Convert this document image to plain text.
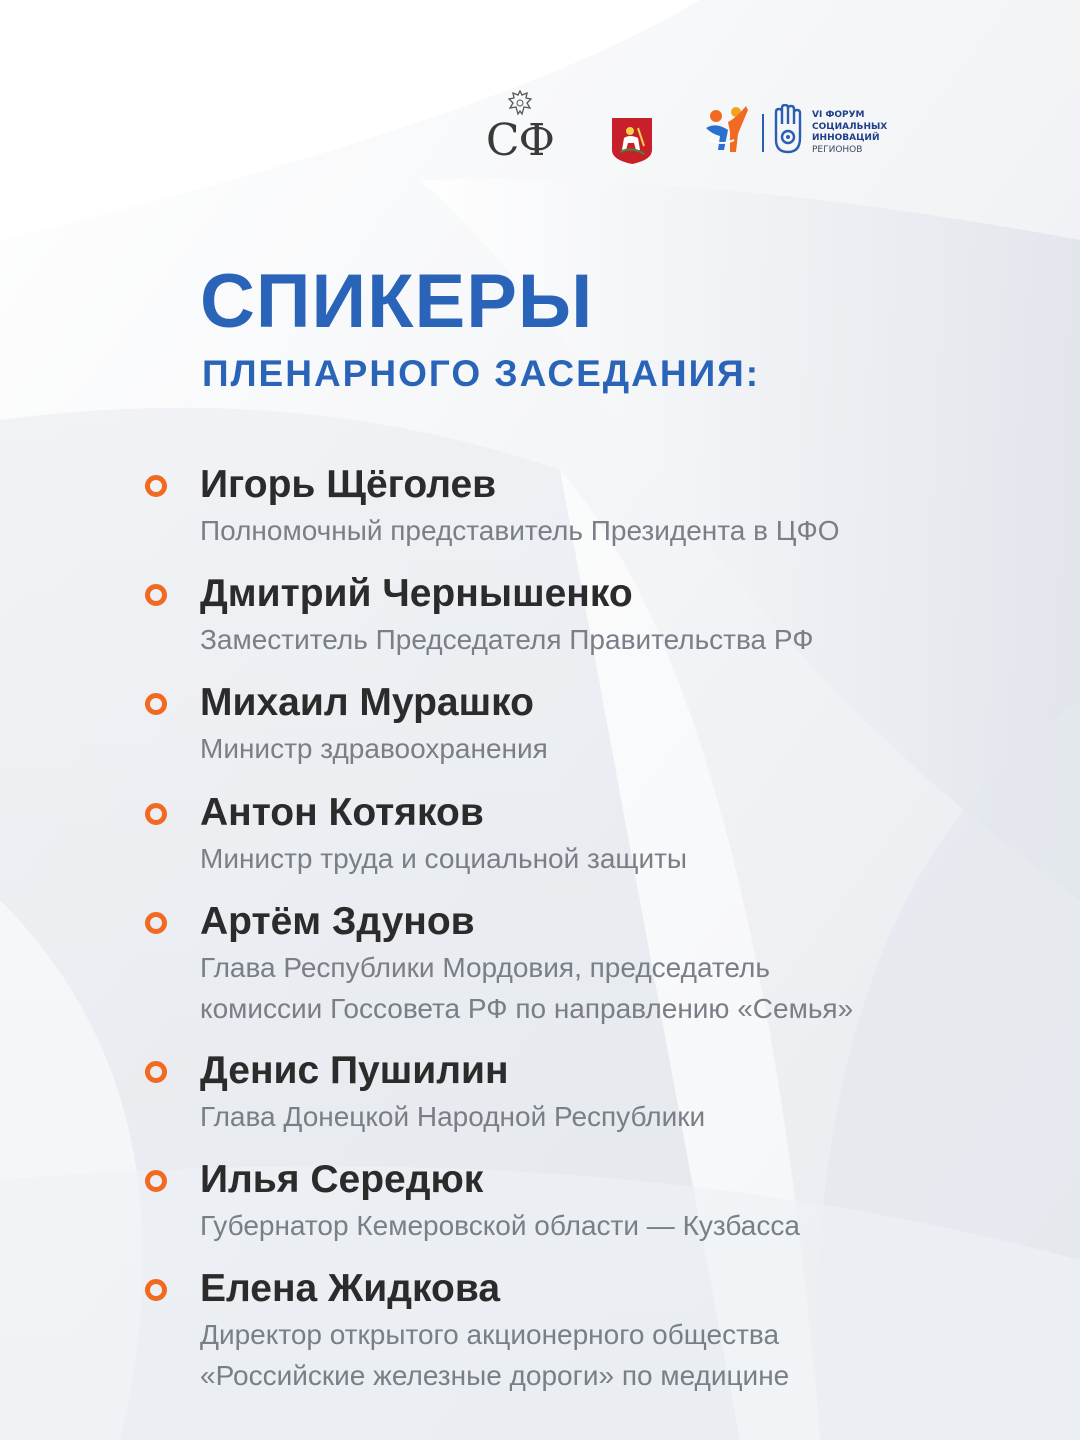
СФ	VI ФОРУМ
СОЦИАЛЬНЫХ
ИННОВАЦИЙ
РЕГИОНОВ
СПИКЕРЫ
ПЛЕНАРНОГО ЗАСЕДАНИЯ:
Игорь Щёголев
Полномочный представитель Президента в ЦФО
Дмитрий Чернышенко
Заместитель Председателя Правительства РФ
Михаил Мурашко
Министр здравоохранения
Антон Котяков
Министр труда и социальной защиты
Артём Здунов
Глава Республики Мордовия, председатель
комиссии Госсовета РФ по направлению «Семья»
Денис Пушилин
Глава Донецкой Народной Республики
Илья Середюк
Губернатор Кемеровской области — Кузбасса
Елена Жидкова
Директор открытого акционерного общества
«Российские железные дороги» по медицине
